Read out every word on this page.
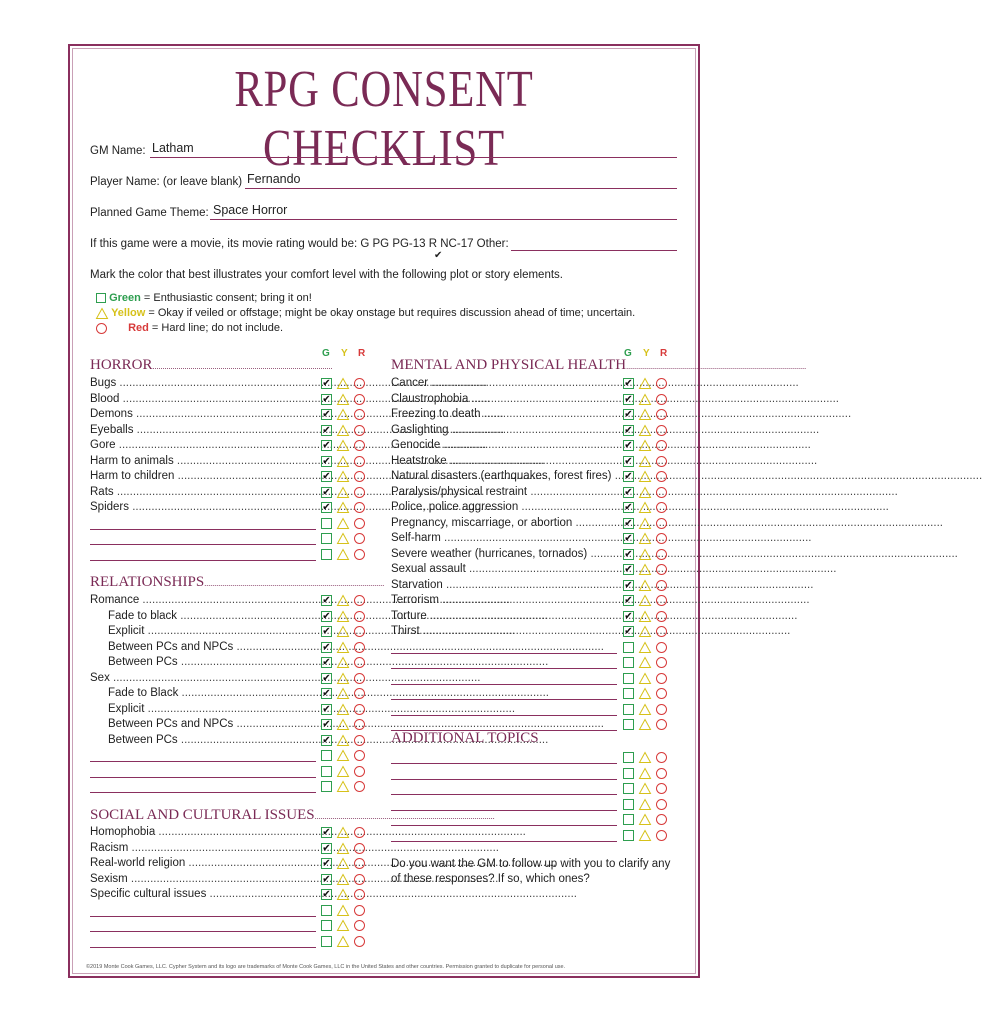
RPG CONSENT CHECKLIST
GM Name: Latham
Player Name: (or leave blank) Fernando
Planned Game Theme: Space Horror
If this game were a movie, its movie rating would be: G PG PG-13 R NC-17 Other:
✔
Mark the color that best illustrates your comfort level with the following plot or story elements.
Green = Enthusiastic consent; bring it on!
Yellow = Okay if veiled or offstage; might be okay onstage but requires discussion ahead of time; uncertain.
Red = Hard line; do not include.
G Y R	G Y R
HORROR..........................................................................................
RELATIONSHIPS..........................................................................................
SOCIAL AND CULTURAL ISSUES..........................................................................................
MENTAL AND PHYSICAL HEALTH..........................................................................................
ADDITIONAL TOPICS
Bugs .....	✔
Blood .....	✔
Demons .....	✔
Eyeballs .....	✔
Gore .....	✔
Harm to animals .....	✔
Harm to children .....	✔
Rats .....	✔
Spiders .....	✔
Romance .....	✔
Fade to black .....	✔
Explicit .....	✔
Between PCs and NPCs .....	✔
Between PCs .....	✔
Sex .....	✔
Fade to Black .....	✔
Explicit .....	✔
Between PCs and NPCs .....	✔
Between PCs .....	✔
Homophobia .....	✔
Racism .....	✔
Real-world religion .....	✔
Sexism .....	✔
Specific cultural issues .....	✔
Cancer .....	✔
Claustrophobia .....	✔
Freezing to death .....	✔
Gaslighting .....	✔
Genocide .....	✔
Heatstroke .....	✔
Natural disasters (earthquakes, forest fires) .....	✔
Paralysis/physical restraint .....	✔
Police, police aggression .....	✔
Pregnancy, miscarriage, or abortion .....	✔
Self-harm .....	✔
Severe weather (hurricanes, tornados) .....	✔
Sexual assault .....	✔
Starvation .....	✔
Terrorism .....	✔
Torture .....	✔
Thirst .....	✔
Do you want the GM to follow up with you to clarify any of these responses? If so, which ones?
©2019 Monte Cook Games, LLC. Cypher System and its logo are trademarks of Monte Cook Games, LLC in the United States and other countries. Permission granted to duplicate for personal use.
